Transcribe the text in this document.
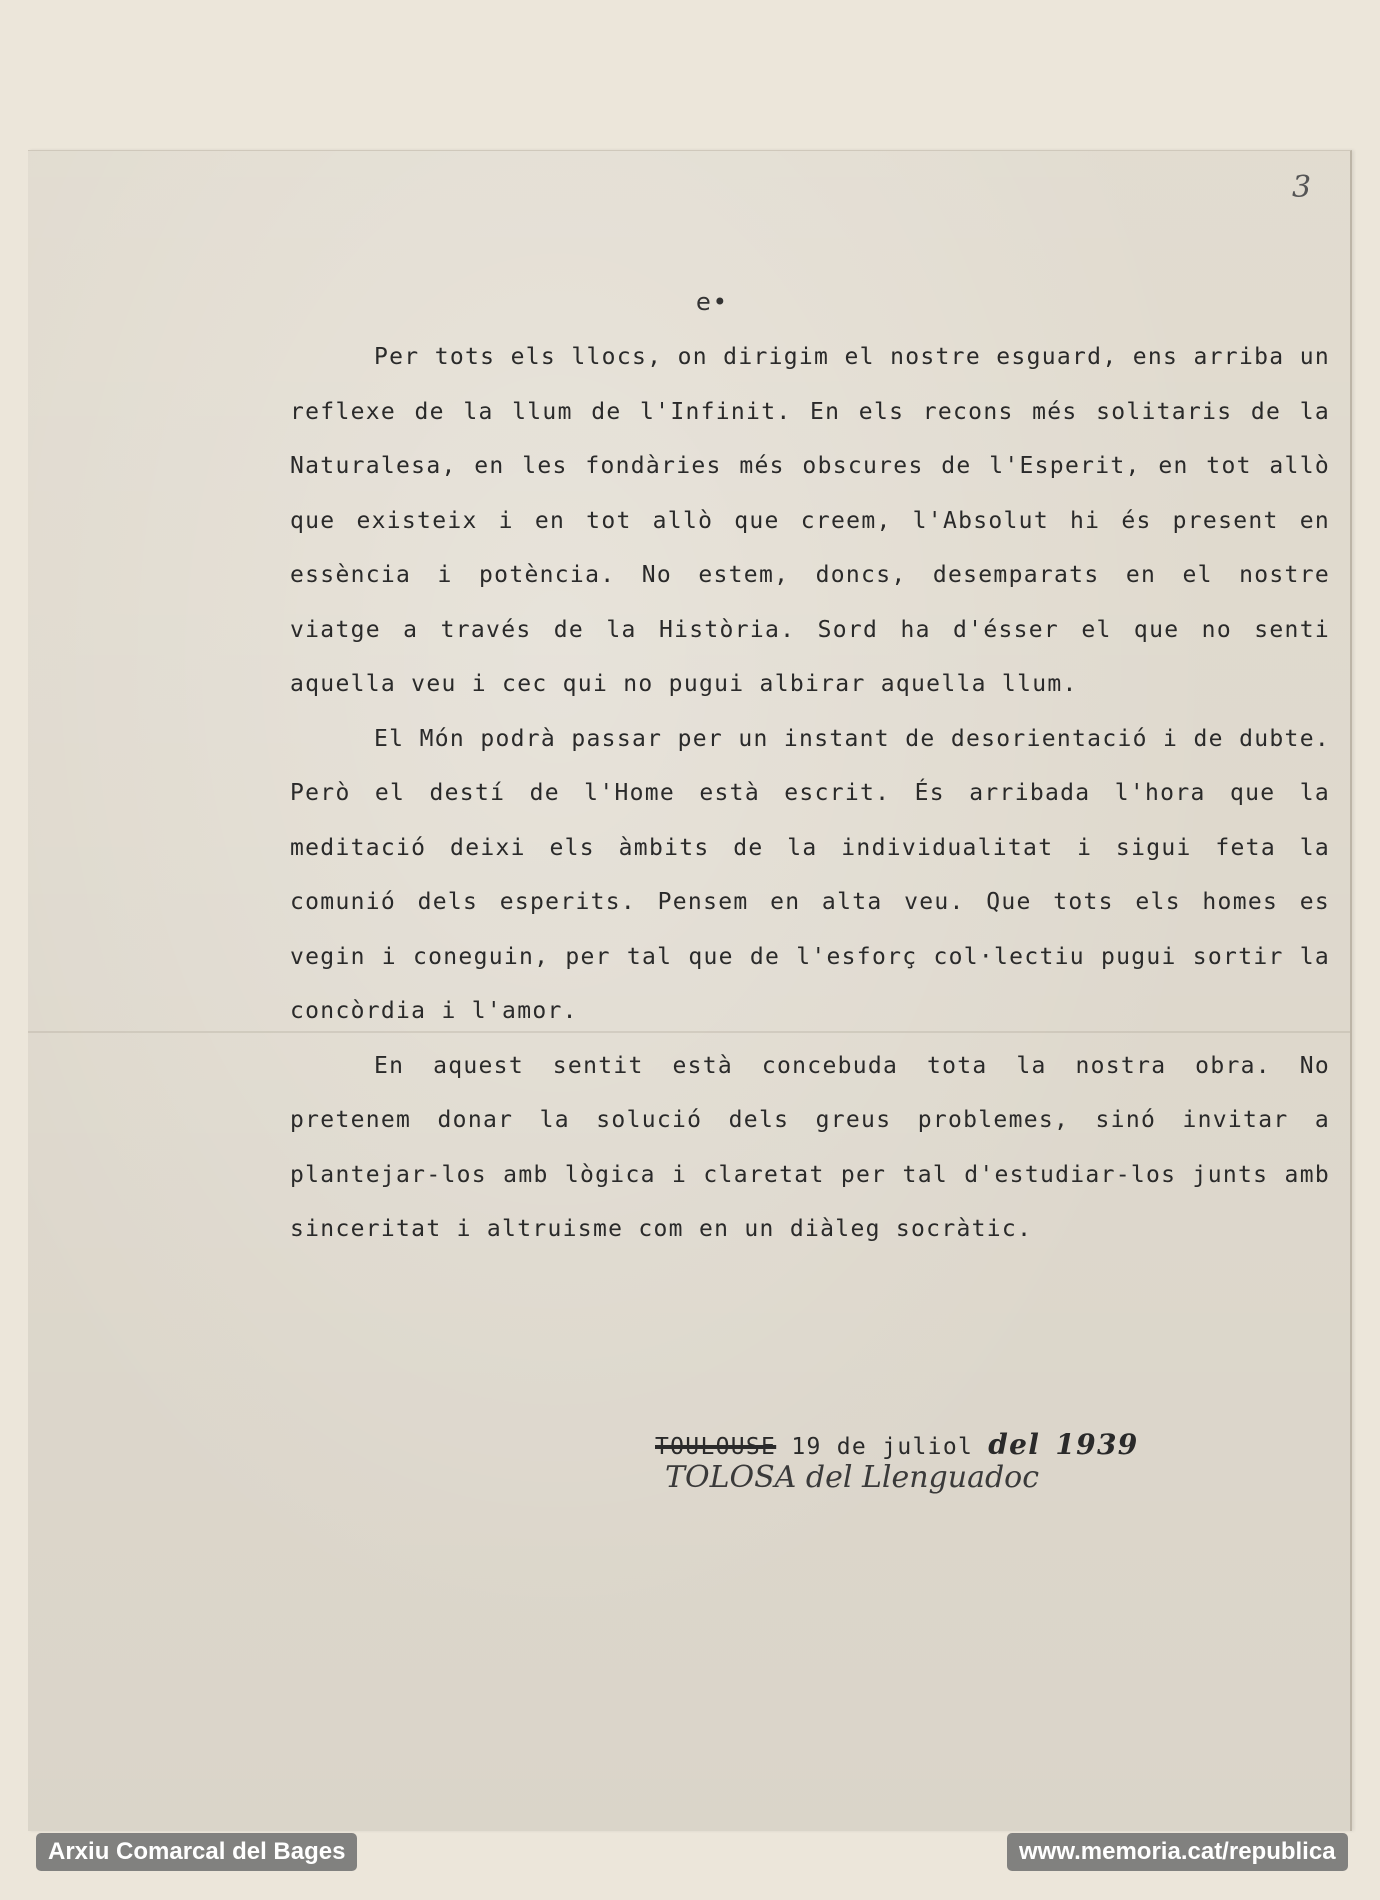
3
e•

Per tots els llocs, on dirigim el nostre esguard, ens arriba un reflexe de la llum de l'Infinit. En els recons més solitaris de la Naturalesa, en les fondàries més obscures de l'Esperit, en tot allò que existeix i en tot allò que creem, l'Absolut hi és present en essència i potència. No estem, doncs, desemparats en el nostre viatge a través de la Història. Sord ha d'ésser el que no senti aquella veu i cec qui no pugui albirar aquella llum.

El Món podrà passar per un instant de desorientació i de dubte. Però el destí de l'Home està escrit. És arribada l'hora que la meditació deixi els àmbits de la individualitat i sigui feta la comunió dels esperits. Pensem en alta veu. Que tots els homes es vegin i coneguin, per tal que de l'esforç col·lectiu pugui sortir la concòrdia i l'amor.

En aquest sentit està concebuda tota la nostra obra. No pretenem donar la solució dels greus problemes, sinó invitar a plantejar-los amb lògica i claretat per tal d'estudiar-los junts amb sinceritat i altruisme com en un diàleg socràtic.

TOULOUSE 19 de juliol del 1939
TOLOSA del Llenguadoc
Arxiu Comarcal del Bages	www.memoria.cat/republica
